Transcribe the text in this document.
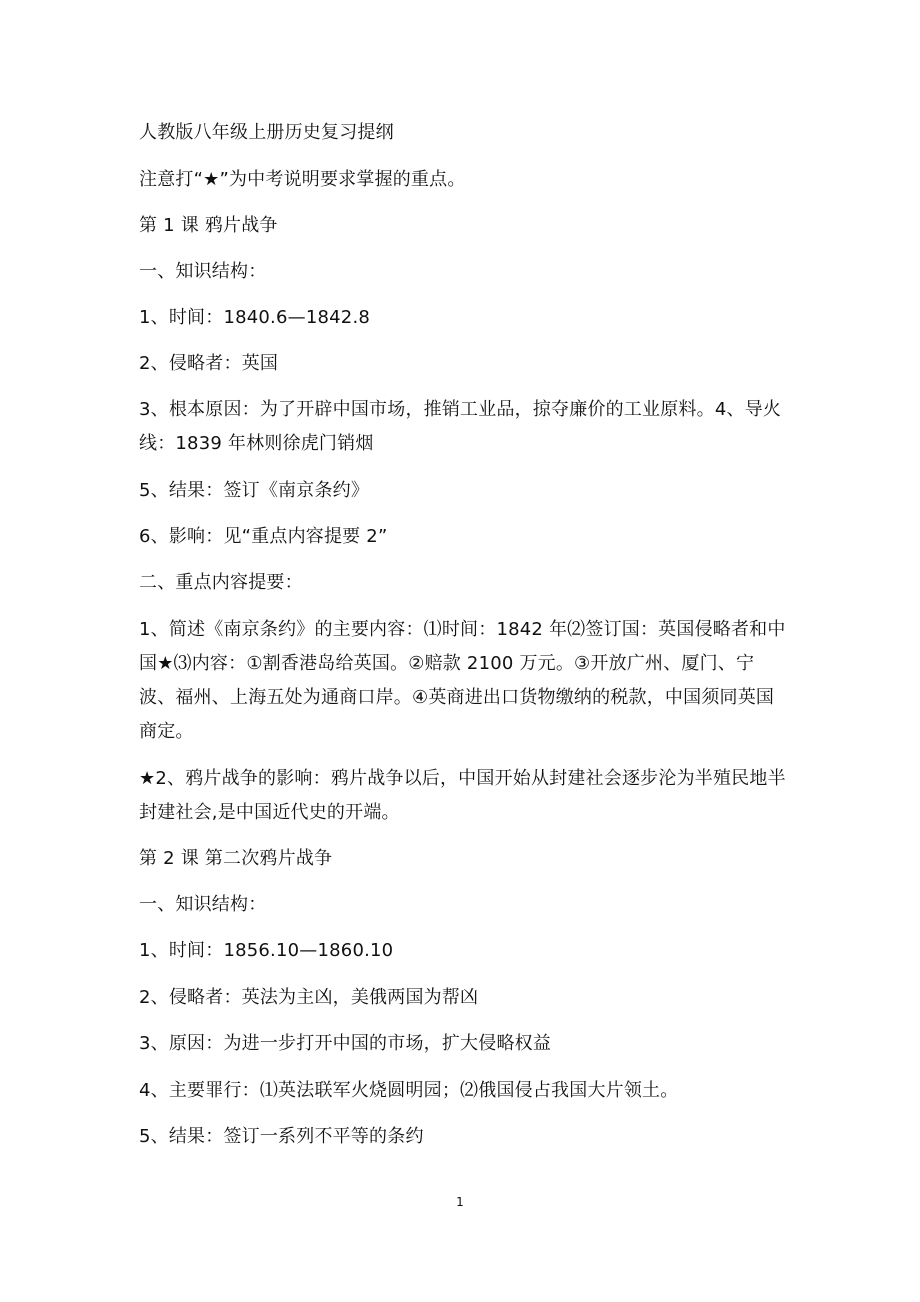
人教版八年级上册历史复习提纲
注意打“★”为中考说明要求掌握的重点。
第 1 课 鸦片战争
一、知识结构：
1、时间：1840.6—1842.8
2、侵略者：英国
3、根本原因：为了开辟中国市场，推销工业品，掠夺廉价的工业原料。4、导火线：1839 年林则徐虎门销烟
5、结果：签订《南京条约》
6、影响：见“重点内容提要 2”
二、重点内容提要：
1、简述《南京条约》的主要内容：⑴时间：1842 年⑵签订国：英国侵略者和中国★⑶内容：①割香港岛给英国。②赔款 2100 万元。③开放广州、厦门、宁波、福州、上海五处为通商口岸。④英商进出口货物缴纳的税款，中国须同英国商定。
★2、鸦片战争的影响：鸦片战争以后，中国开始从封建社会逐步沦为半殖民地半封建社会,是中国近代史的开端。
第 2 课 第二次鸦片战争
一、知识结构：
1、时间：1856.10—1860.10
2、侵略者：英法为主凶，美俄两国为帮凶
3、原因：为进一步打开中国的市场，扩大侵略权益
4、主要罪行：⑴英法联军火烧圆明园；⑵俄国侵占我国大片领土。
5、结果：签订一系列不平等的条约
1
